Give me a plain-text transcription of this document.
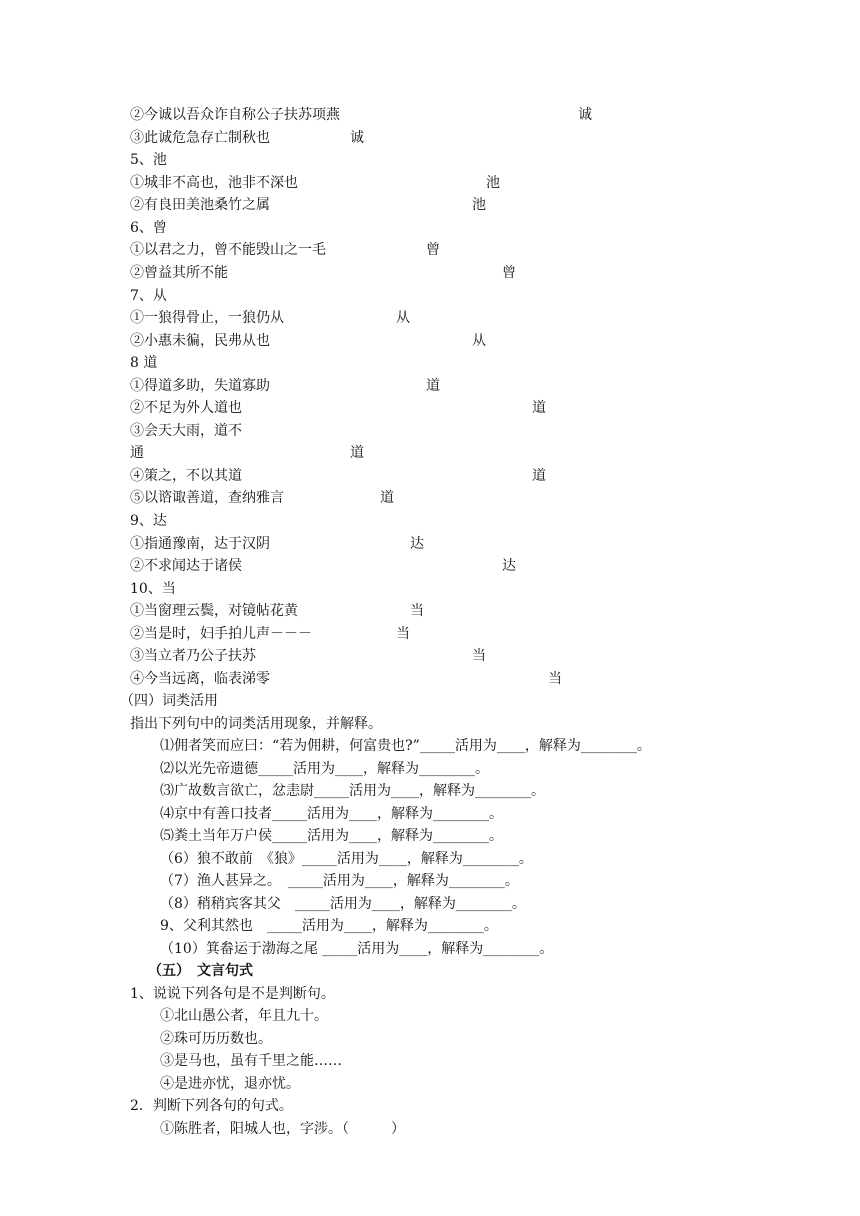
②今诚以吾众诈自称公子扶苏项燕	诚
③此诚危急存亡制秋也	诚
5、池
①城非不高也，池非不深也	池
②有良田美池桑竹之属	池
6、曾
①以君之力，曾不能毁山之一毛	曾
②曾益其所不能	曾
7、从
①一狼得骨止，一狼仍从	从
②小惠未徧，民弗从也	从
8 道
①得道多助，失道寡助	道
②不足为外人道也	道
③会天大雨，道不
通	道
④策之，不以其道	道
⑤以谘诹善道，查纳雅言	道
9、达
①指通豫南，达于汉阴	达
②不求闻达于诸侯	达
10、当
①当窗理云鬓，对镜帖花黄	当
②当是时，妇手拍儿声－－－	当
③当立者乃公子扶苏	当
④今当远离，临表涕零	当
（四）词类活用
指出下列句中的词类活用现象，并解释。
⑴佣者笑而应曰：“若为佣耕，何富贵也?”_____活用为____，解释为________。
⑵以光先帝遗德_____活用为____，解释为________。
⑶广故数言欲亡，忿恚尉_____活用为____，解释为________。
⑷京中有善口技者_____活用为____，解释为________。
⑸粪土当年万户侯_____活用为____，解释为________。
（6）狼不敢前　《狼》_____活用为____，解释为________。
（7）渔人甚异之。　_____活用为____，解释为________。
（8）稍稍宾客其父　_____活用为____，解释为________。
9、父利其然也　_____活用为____，解释为________。
（10）箕畚运于渤海之尾 _____活用为____，解释为________。
（五）　文言句式
1、说说下列各句是不是判断句。
①北山愚公者，年且九十。
②珠可历历数也。
③是马也，虽有千里之能……
④是进亦忧，退亦忧。
2．判断下列各句的句式。
①陈胜者，阳城人也，字涉。（　　　）
